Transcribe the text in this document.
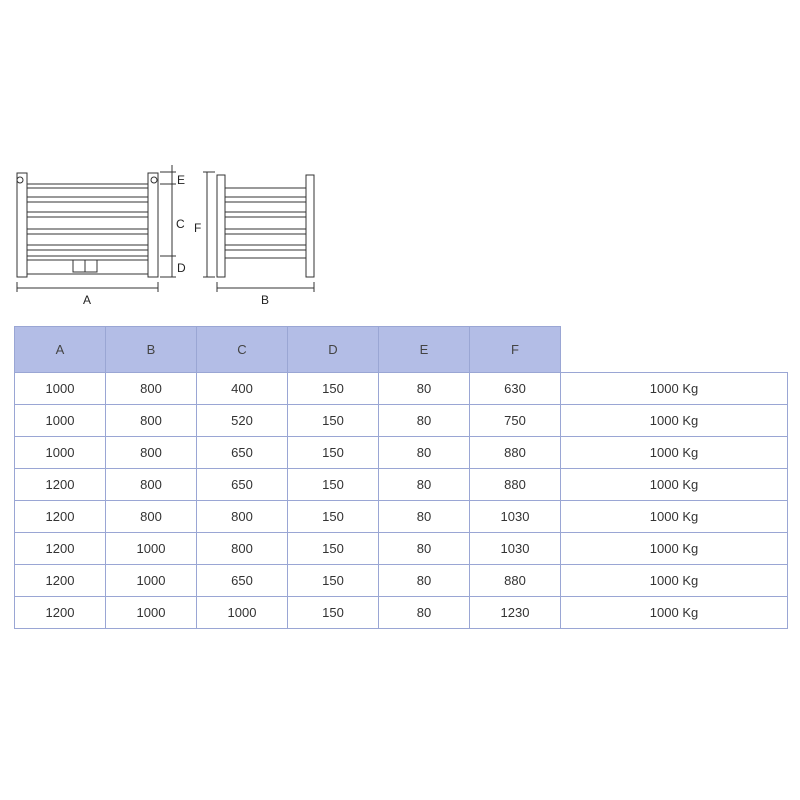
A	B
C
D
E
F
A	B	C	D	E	F	
1000	800	400	150	80	630	1000 Kg
1000	800	520	150	80	750	1000 Kg
1000	800	650	150	80	880	1000 Kg
1200	800	650	150	80	880	1000 Kg
1200	800	800	150	80	1030	1000 Kg
1200	1000	800	150	80	1030	1000 Kg
1200	1000	650	150	80	880	1000 Kg
1200	1000	1000	150	80	1230	1000 Kg
